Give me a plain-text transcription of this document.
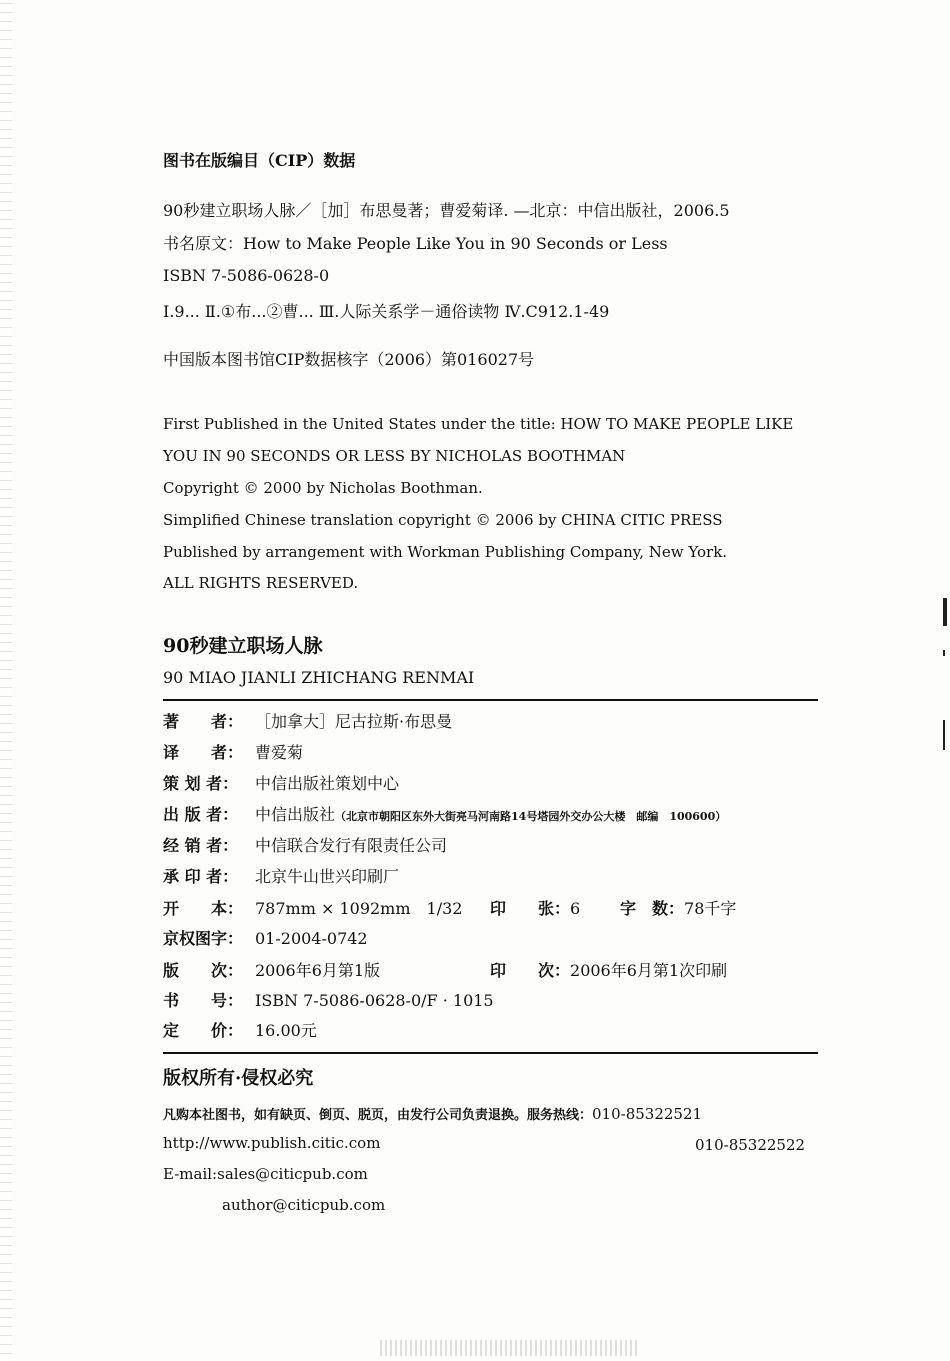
图书在版编目（CIP）数据
90秒建立职场人脉／［加］布思曼著；曹爱菊译. —北京：中信出版社，2006.5
书名原文：How to Make People Like You in 90 Seconds or Less
ISBN 7-5086-0628-0
Ⅰ.9... Ⅱ.①布...②曹... Ⅲ.人际关系学－通俗读物 Ⅳ.C912.1-49
中国版本图书馆CIP数据核字（2006）第016027号
First Published in the United States under the title: HOW TO MAKE PEOPLE LIKE
YOU IN 90 SECONDS OR LESS BY NICHOLAS BOOTHMAN
Copyright © 2000 by Nicholas Boothman.
Simplified Chinese translation copyright © 2006 by CHINA CITIC PRESS
Published by arrangement with Workman Publishing Company, New York.
ALL RIGHTS RESERVED.
90秒建立职场人脉
90 MIAO JIANLI ZHICHANG RENMAI
著　　者： ［加拿大］尼古拉斯·布思曼
译　　者： 曹爱菊
策 划 者： 中信出版社策划中心
出 版 者： 中信出版社（北京市朝阳区东外大街亮马河南路14号塔园外交办公大楼　邮编　100600）
经 销 者： 中信联合发行有限责任公司
承 印 者： 北京牛山世兴印刷厂
开　　本： 787mm × 1092mm　1/32 印　　张：6 字　数：78千字
京权图字： 01-2004-0742
版　　次： 2006年6月第1版	印　　次：2006年6月第1次印刷
书　　号： ISBN 7-5086-0628-0/F · 1015
定　　价： 16.00元
版权所有·侵权必究
凡购本社图书，如有缺页、倒页、脱页，由发行公司负责退换。服务热线：010-85322521
http://www.publish.citic.com	010-85322522
E-mail:sales@citicpub.com
author@citicpub.com
